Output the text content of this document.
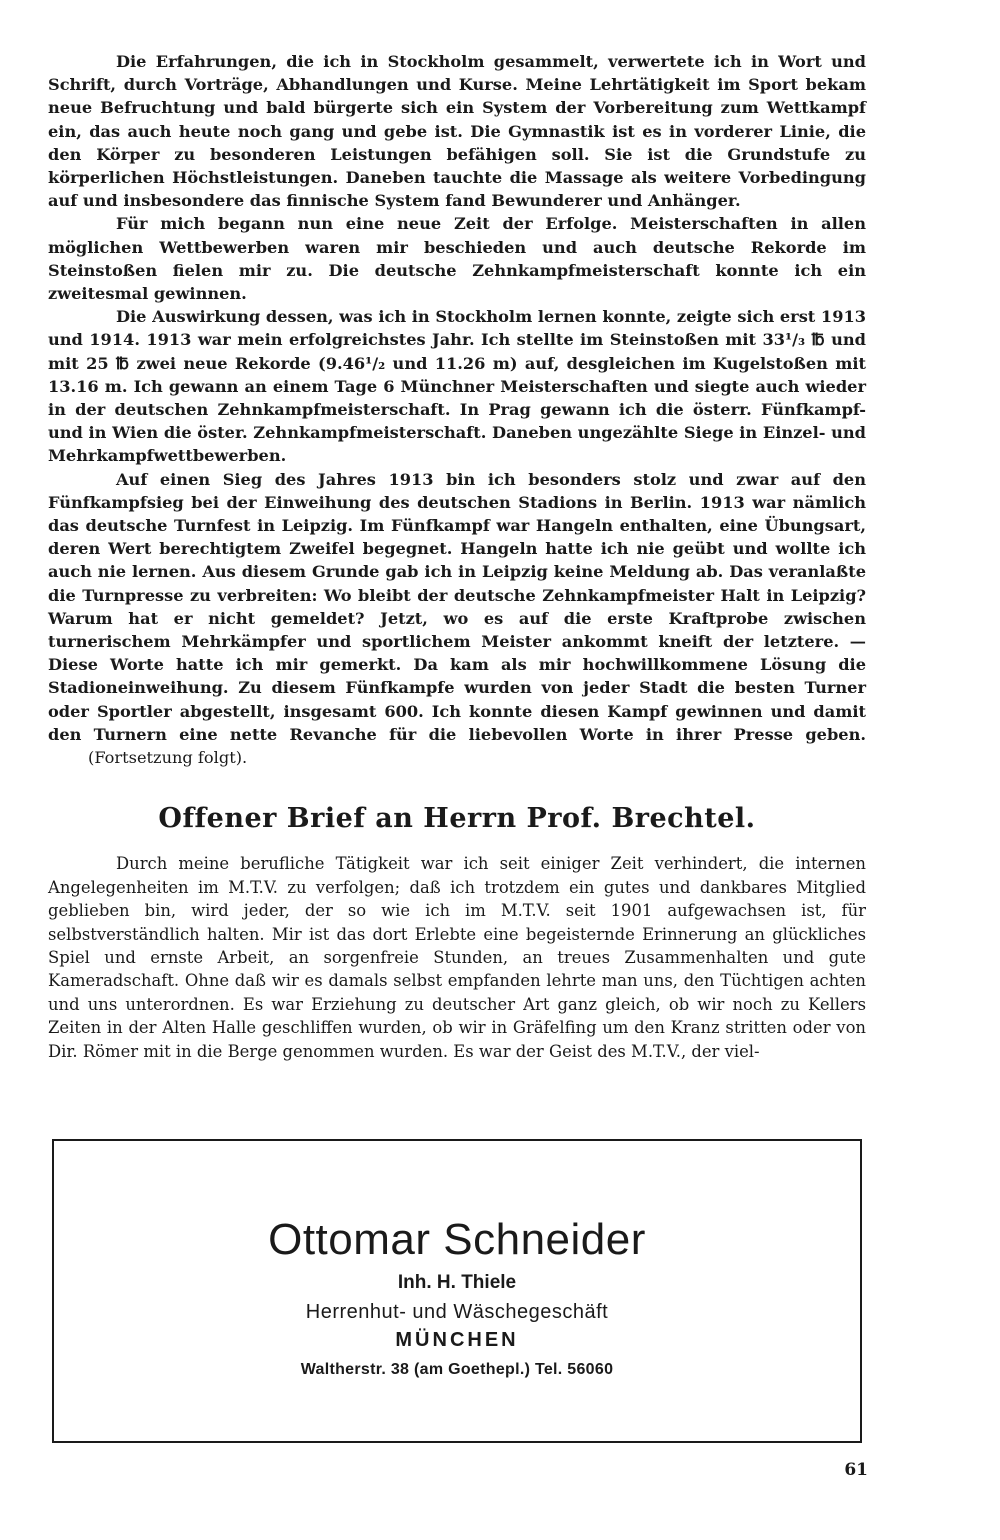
Die Erfahrungen, die ich in Stockholm gesammelt, verwertete ich in Wort und Schrift, durch Vorträge, Abhandlungen und Kurse. Meine Lehrtätigkeit im Sport bekam neue Befruchtung und bald bürgerte sich ein System der Vorbereitung zum Wettkampf ein, das auch heute noch gang und gebe ist. Die Gymnastik ist es in vorderer Linie, die den Körper zu besonderen Leistungen befähigen soll. Sie ist die Grundstufe zu körperlichen Höchstleistungen. Daneben tauchte die Massage als weitere Vorbedingung auf und insbesondere das finnische System fand Bewunderer und Anhänger.

Für mich begann nun eine neue Zeit der Erfolge. Meisterschaften in allen möglichen Wettbewerben waren mir beschieden und auch deutsche Rekorde im Steinstoßen fielen mir zu. Die deutsche Zehnkampfmeisterschaft konnte ich ein zweitesmal gewinnen.

Die Auswirkung dessen, was ich in Stockholm lernen konnte, zeigte sich erst 1913 und 1914. 1913 war mein erfolgreichstes Jahr. Ich stellte im Steinstoßen mit 33¹/₃ ℔ und mit 25 ℔ zwei neue Rekorde (9.46¹/₂ und 11.26 m) auf, desgleichen im Kugelstoßen mit 13.16 m. Ich gewann an einem Tage 6 Münchner Meisterschaften und siegte auch wieder in der deutschen Zehnkampfmeisterschaft. In Prag gewann ich die österr. Fünfkampf- und in Wien die öster. Zehnkampfmeisterschaft. Daneben ungezählte Siege in Einzel- und Mehrkampfwettbewerben.

Auf einen Sieg des Jahres 1913 bin ich besonders stolz und zwar auf den Fünfkampfsieg bei der Einweihung des deutschen Stadions in Berlin. 1913 war nämlich das deutsche Turnfest in Leipzig. Im Fünfkampf war Hangeln enthalten, eine Übungsart, deren Wert berechtigtem Zweifel begegnet. Hangeln hatte ich nie geübt und wollte ich auch nie lernen. Aus diesem Grunde gab ich in Leipzig keine Meldung ab. Das veranlaßte die Turnpresse zu verbreiten: Wo bleibt der deutsche Zehnkampfmeister Halt in Leipzig? Warum hat er nicht gemeldet? Jetzt, wo es auf die erste Kraftprobe zwischen turnerischem Mehrkämpfer und sportlichem Meister ankommt kneift der letztere. — Diese Worte hatte ich mir gemerkt. Da kam als mir hochwillkommene Lösung die Stadioneinweihung. Zu diesem Fünfkampfe wurden von jeder Stadt die besten Turner oder Sportler abgestellt, insgesamt 600. Ich konnte diesen Kampf gewinnen und damit den Turnern eine nette Revanche für die liebevollen Worte in ihrer Presse geben.(Fortsetzung folgt).

Offener Brief an Herrn Prof. Brechtel.

Durch meine berufliche Tätigkeit war ich seit einiger Zeit verhindert, die internen Angelegenheiten im M.T.V. zu verfolgen; daß ich trotzdem ein gutes und dankbares Mitglied geblieben bin, wird jeder, der so wie ich im M.T.V. seit 1901 aufgewachsen ist, für selbstverständlich halten. Mir ist das dort Erlebte eine begeisternde Erinnerung an glückliches Spiel und ernste Arbeit, an sorgenfreie Stunden, an treues Zusammenhalten und gute Kameradschaft. Ohne daß wir es damals selbst empfanden lehrte man uns, den Tüchtigen achten und uns unterordnen. Es war Erziehung zu deutscher Art ganz gleich, ob wir noch zu Kellers Zeiten in der Alten Halle geschliffen wurden, ob wir in Gräfelfing um den Kranz stritten oder von Dir. Römer mit in die Berge genommen wurden. Es war der Geist des M.T.V., der viel-

Ottomar Schneider
Inh. H. Thiele
Herrenhut- und Wäschegeschäft
MÜNCHEN
Waltherstr. 38 (am Goethepl.) Tel. 56060
61
